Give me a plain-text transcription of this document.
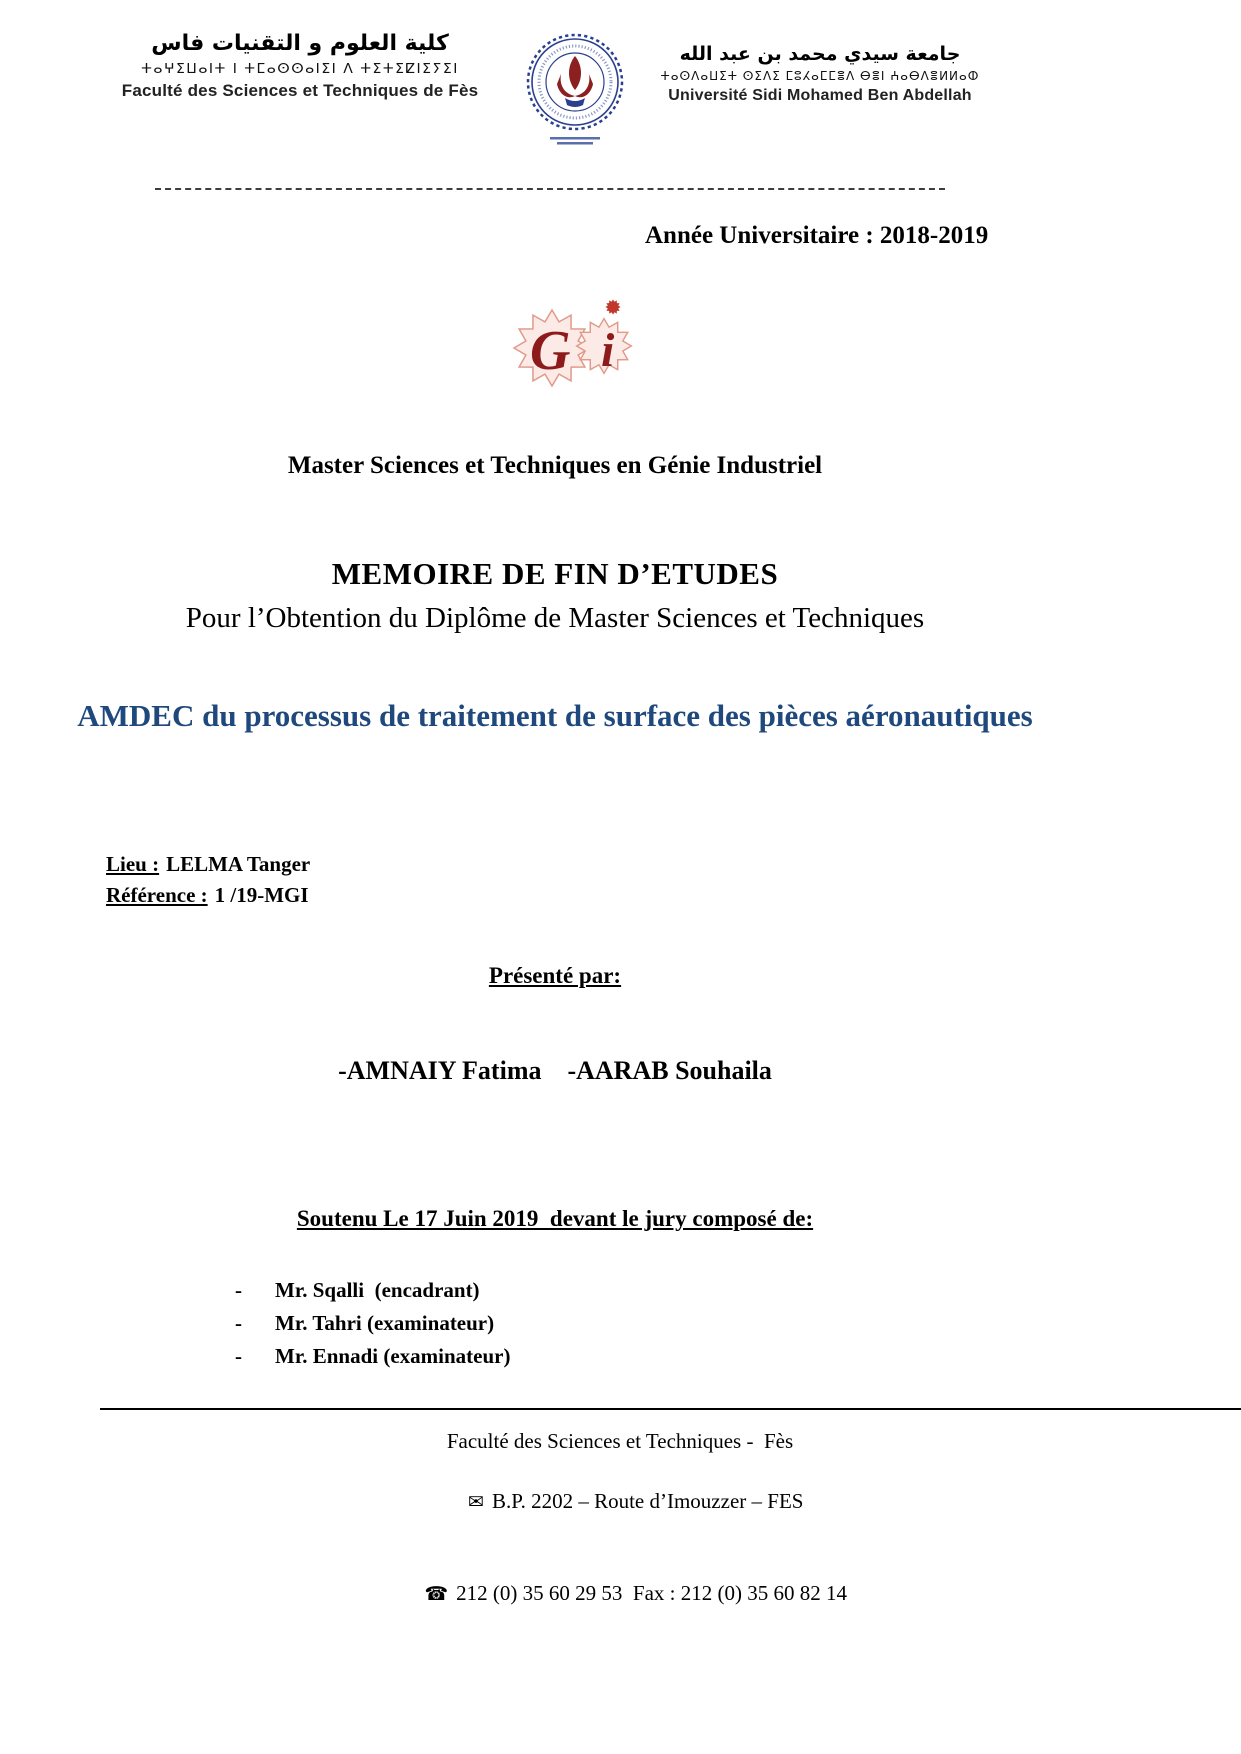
كلية العلوم و التقنيات فاس
ⵜⴰⵖⵉⵡⴰⵏⵜ ⵏ ⵜⵎⴰⵙⵙⴰⵏⵉⵏ ⴷ ⵜⵉⵜⵉⵇⵏⵉⵢⵉⵏ
Faculté des Sciences et Techniques de Fès
جامعة سيدي محمد بن عبد الله
ⵜⴰⵙⴷⴰⵡⵉⵜ ⵙⵉⴷⵉ ⵎⵓⵃⴰⵎⵎⴻⴷ ⴱⴻⵏ ⵄⴰⴱⴷⴻⵍⵍⴰⵀ
Université Sidi Mohamed Ben Abdellah
Année Universitaire : 2018-2019
G i
Master Sciences et Techniques en Génie Industriel
MEMOIRE DE FIN D’ETUDES
Pour l’Obtention du Diplôme de Master Sciences et Techniques
AMDEC du processus de traitement de surface des pièces aéronautiques

Lieu : LELMA Tanger

Référence : 1 /19-MGI

Présenté par:
-AMNAIY Fatima    -AARAB Souhaila
Soutenu Le 17 Juin 2019  devant le jury composé de:
- Mr. Sqalli  (encadrant)
- Mr. Tahri (examinateur)
- Mr. Ennadi (examinateur)
Faculté des Sciences et Techniques -  Fès

✉ B.P. 2202 – Route d’Imouzzer – FES

☎ 212 (0) 35 60 29 53  Fax : 212 (0) 35 60 82 14
